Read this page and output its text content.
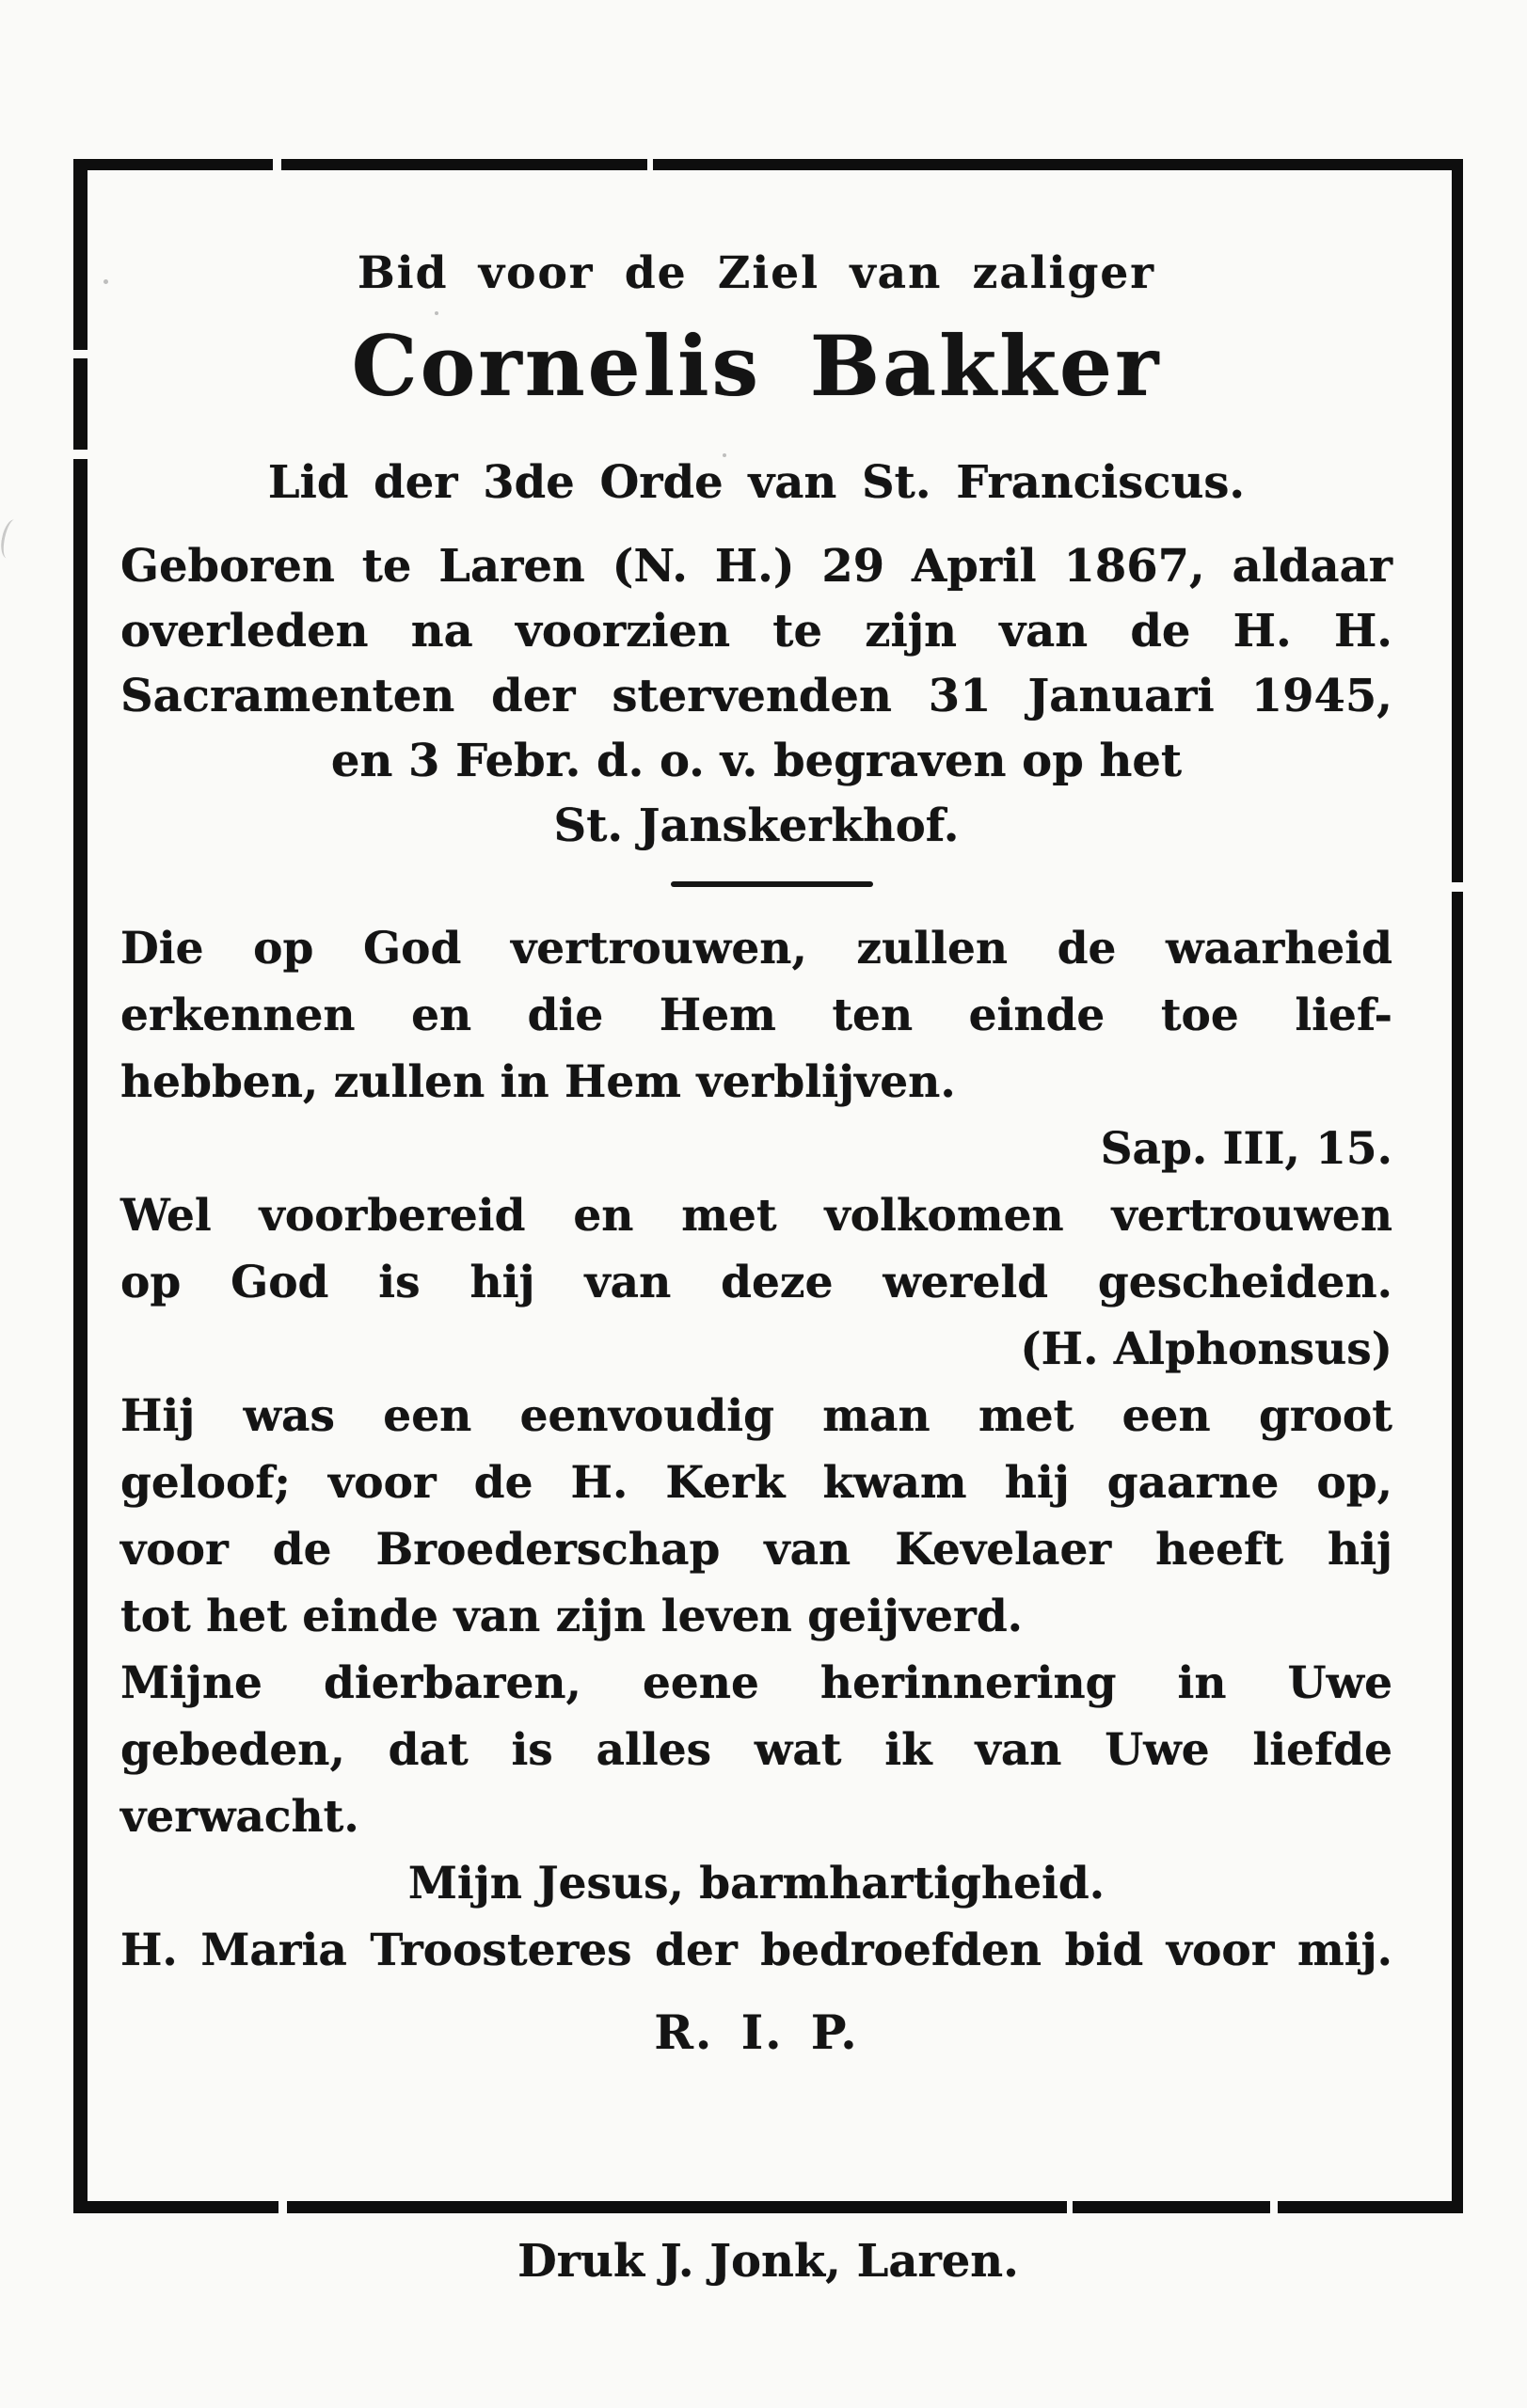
Bid voor de Ziel van zaliger
Cornelis Bakker
Lid der 3de Orde van St. Franciscus.
Geboren te Laren (N. H.) 29 April 1867, aldaar
overleden na voorzien te zijn van de H. H.
Sacramenten der stervenden 31 Januari 1945,
en 3 Febr. d. o. v. begraven op het
St. Janskerkhof.
Die op God vertrouwen, zullen de waarheid
erkennen en die Hem ten einde toe lief-
hebben, zullen in Hem verblijven.
Sap. III, 15.
Wel voorbereid en met volkomen vertrouwen
op God is hij van deze wereld gescheiden.
(H. Alphonsus)
Hij was een eenvoudig man met een groot
geloof; voor de H. Kerk kwam hij gaarne op,
voor de Broederschap van Kevelaer heeft hij
tot het einde van zijn leven geijverd.
Mijne dierbaren, eene herinnering in Uwe
gebeden, dat is alles wat ik van Uwe liefde
verwacht.
Mijn Jesus, barmhartigheid.
H. Maria Troosteres der bedroefden bid voor mij.
R. I. P.
Druk J. Jonk, Laren.
